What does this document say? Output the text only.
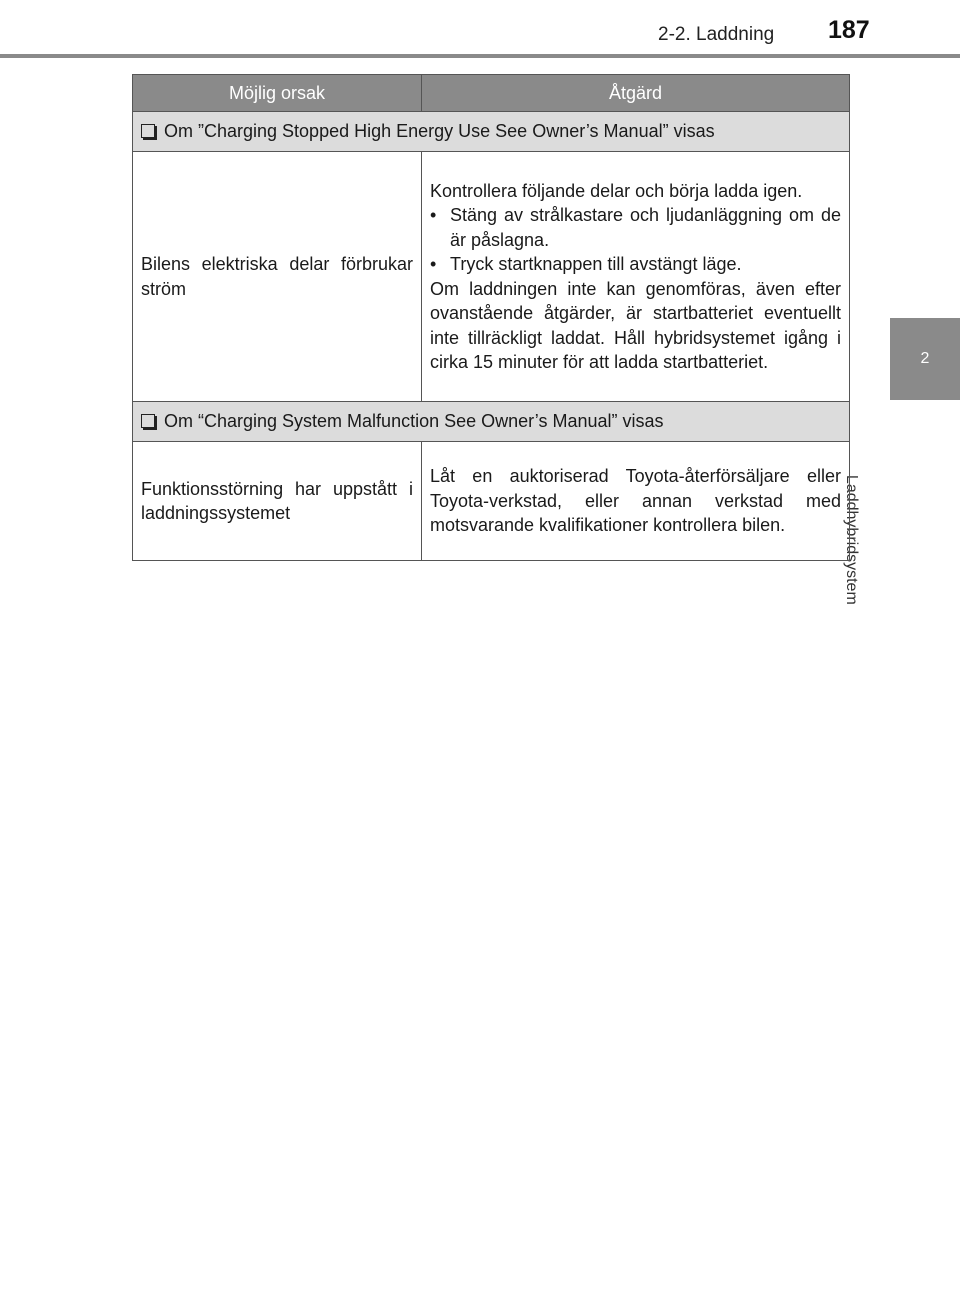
2-2. Laddning 187
2
Laddhybridsystem
Möjlig orsak	Åtgärd
Om ”Charging Stopped High Energy Use See Owner’s Manual” visas	

Bilens elektriska delar förbrukar ström	Kontrollera följande delar och börja ladda igen.

• Stäng av strålkastare och ljudanläggning om de är påslagna.

• Tryck startknappen till avstängt läge.

Om laddningen inte kan genomföras, även efter ovanstående åtgärder, är startbatteriet eventuellt inte tillräckligt laddat. Håll hybridsystemet igång i cirka 15 minuter för att ladda startbatteriet.

Om “Charging System Malfunction See Owner’s Manual” visas	

Funktionsstörning har uppstått i laddningssystemet	Låt en auktoriserad Toyota-återförsäljare eller Toyota-verkstad, eller annan verkstad med motsvarande kvalifikationer kontrollera bilen.
